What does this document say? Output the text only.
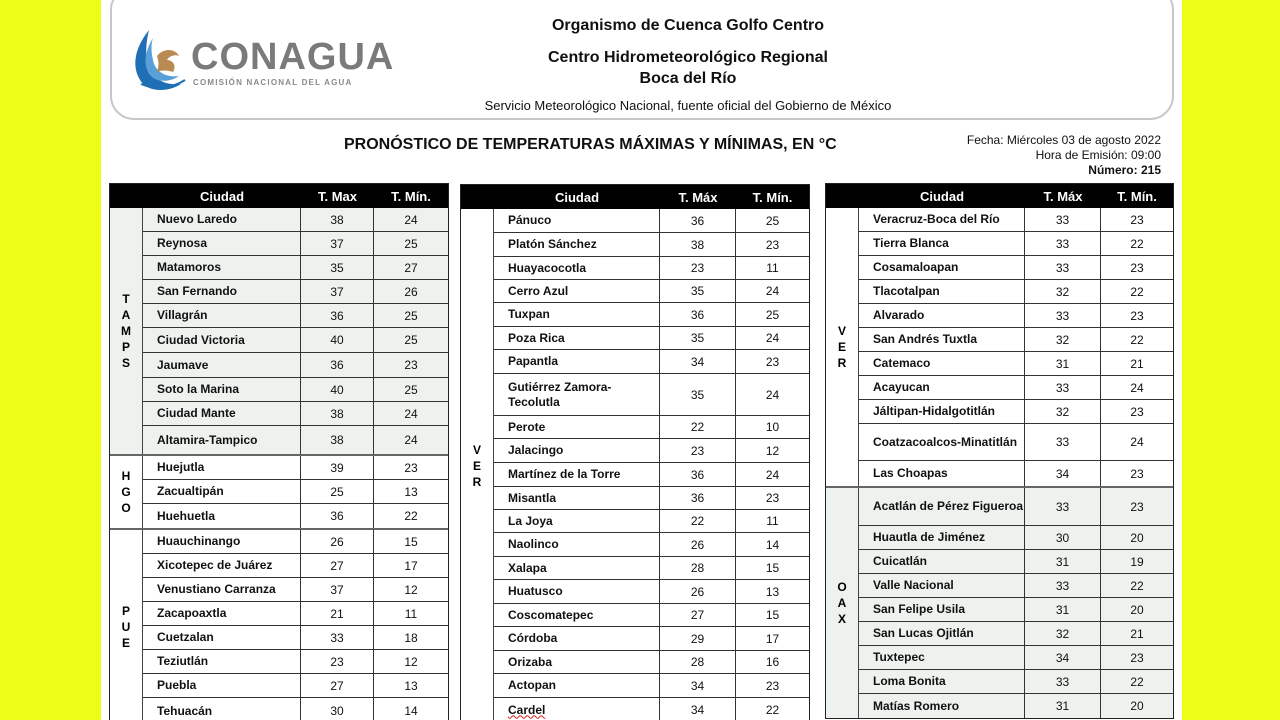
CONAGUA
COMISIÓN NACIONAL DEL AGUA
Organismo de Cuenca Golfo Centro
Centro Hidrometeorológico Regional
Boca del Río
Servicio Meteorológico Nacional, fuente oficial del Gobierno de México
PRONÓSTICO DE TEMPERATURAS MÁXIMAS Y MÍNIMAS, EN °C	Fecha: Miércoles 03 de agosto 2022
Hora de Emisión: 09:00
Número: 215
Ciudad	T. Max	T. Mín.
T
A
M
P
S
Nuevo Laredo	38	24
Reynosa	37	25
Matamoros	35	27
San Fernando	37	26
Villagrán	36	25
Ciudad Victoria	40	25
Jaumave	36	23
Soto la Marina	40	25
Ciudad Mante	38	24
Altamira-Tampico	38	24
H
G
O
Huejutla	39	23
Zacualtipán	25	13
Huehuetla	36	22
P
U
E
Huauchinango	26	15
Xicotepec de Juárez	27	17
Venustiano Carranza	37	12
Zacapoaxtla	21	11
Cuetzalan	33	18
Teziutlán	23	12
Puebla	27	13
Tehuacán	30	14
Ciudad	T. Máx	T. Mín.
V
E
R
Pánuco	36	25
Platón Sánchez	38	23
Huayacocotla	23	11
Cerro Azul	35	24
Tuxpan	36	25
Poza Rica	35	24
Papantla	34	23
Gutiérrez Zamora-Tecolutla	35	24
Perote	22	10
Jalacingo	23	12
Martínez de la Torre	36	24
Misantla	36	23
La Joya	22	11
Naolinco	26	14
Xalapa	28	15
Huatusco	26	13
Coscomatepec	27	15
Córdoba	29	17
Orizaba	28	16
Actopan	34	23
Cardel	34	22
Ciudad	T. Máx	T. Mín.
V
E
R
Veracruz-Boca del Río	33	23
Tierra Blanca	33	22
Cosamaloapan	33	23
Tlacotalpan	32	22
Alvarado	33	23
San Andrés Tuxtla	32	22
Catemaco	31	21
Acayucan	33	24
Jáltipan-Hidalgotitlán	32	23
Coatzacoalcos-Minatitlán	33	24
Las Choapas	34	23
O
A
X
Acatlán de Pérez Figueroa	33	23
Huautla de Jiménez	30	20
Cuicatlán	31	19
Valle Nacional	33	22
San Felipe Usila	31	20
San Lucas Ojitlán	32	21
Tuxtepec	34	23
Loma Bonita	33	22
Matías Romero	31	20
